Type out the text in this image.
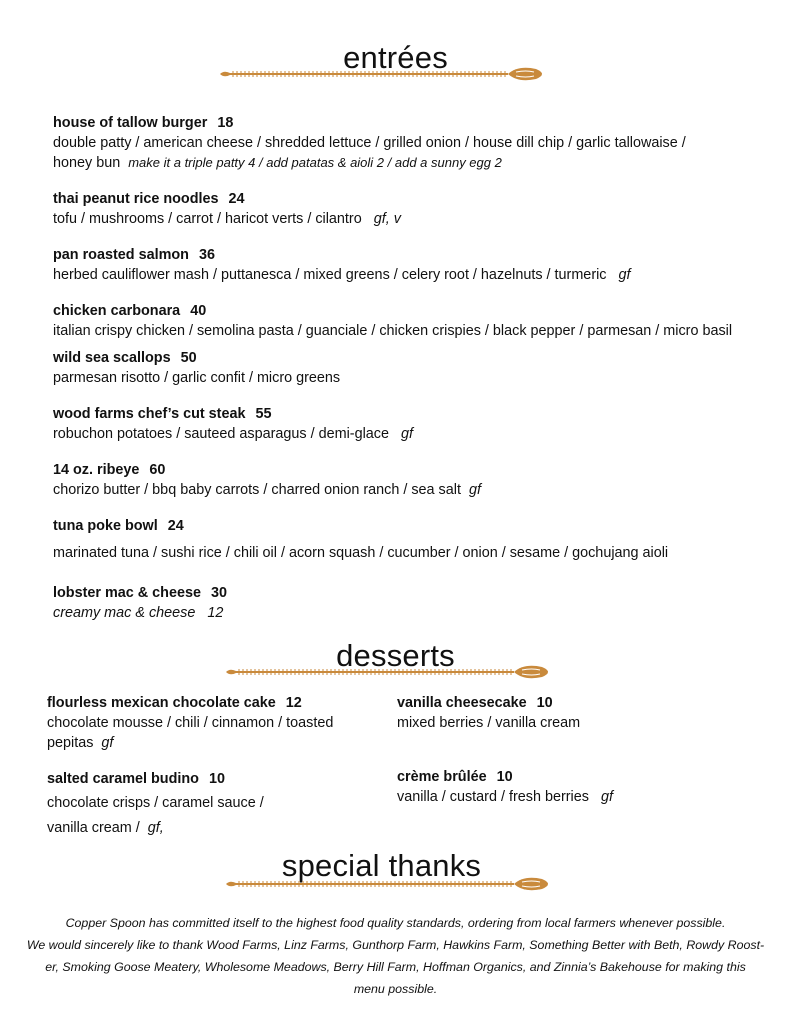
entrées
house of tallow burger 18
double patty / american cheese / shredded lettuce / grilled onion / house dill chip / garlic tallowaise /
honey bun make it a triple patty 4 / add patatas & aioli 2 / add a sunny egg 2
thai peanut rice noodles 24
tofu / mushrooms / carrot / haricot verts / cilantro gf, v
pan roasted salmon 36
herbed cauliflower mash / puttanesca / mixed greens / celery root / hazelnuts / turmeric gf
chicken carbonara 40
italian crispy chicken / semolina pasta / guanciale / chicken crispies / black pepper / parmesan / micro basil
wild sea scallops 50
parmesan risotto / garlic confit / micro greens
wood farms chef’s cut steak 55
robuchon potatoes / sauteed asparagus / demi-glace gf
14 oz. ribeye 60
chorizo butter / bbq baby carrots / charred onion ranch / sea salt gf
tuna poke bowl 24
marinated tuna / sushi rice / chili oil / acorn squash / cucumber / onion / sesame / gochujang aioli
lobster mac & cheese 30
creamy mac & cheese 12
desserts
flourless mexican chocolate cake 12
chocolate mousse / chili / cinnamon / toasted
pepitas gf
vanilla cheesecake 10
mixed berries / vanilla cream
salted caramel budino 10
chocolate crisps / caramel sauce /
vanilla cream / gf,
crème brûlée 10
vanilla / custard / fresh berries gf
special thanks
Copper Spoon has committed itself to the highest food quality standards, ordering from local farmers whenever possible.
We would sincerely like to thank Wood Farms, Linz Farms, Gunthorp Farm, Hawkins Farm, Something Better with Beth, Rowdy Roost-
er, Smoking Goose Meatery, Wholesome Meadows, Berry Hill Farm, Hoffman Organics, and Zinnia’s Bakehouse for making this
menu possible.
